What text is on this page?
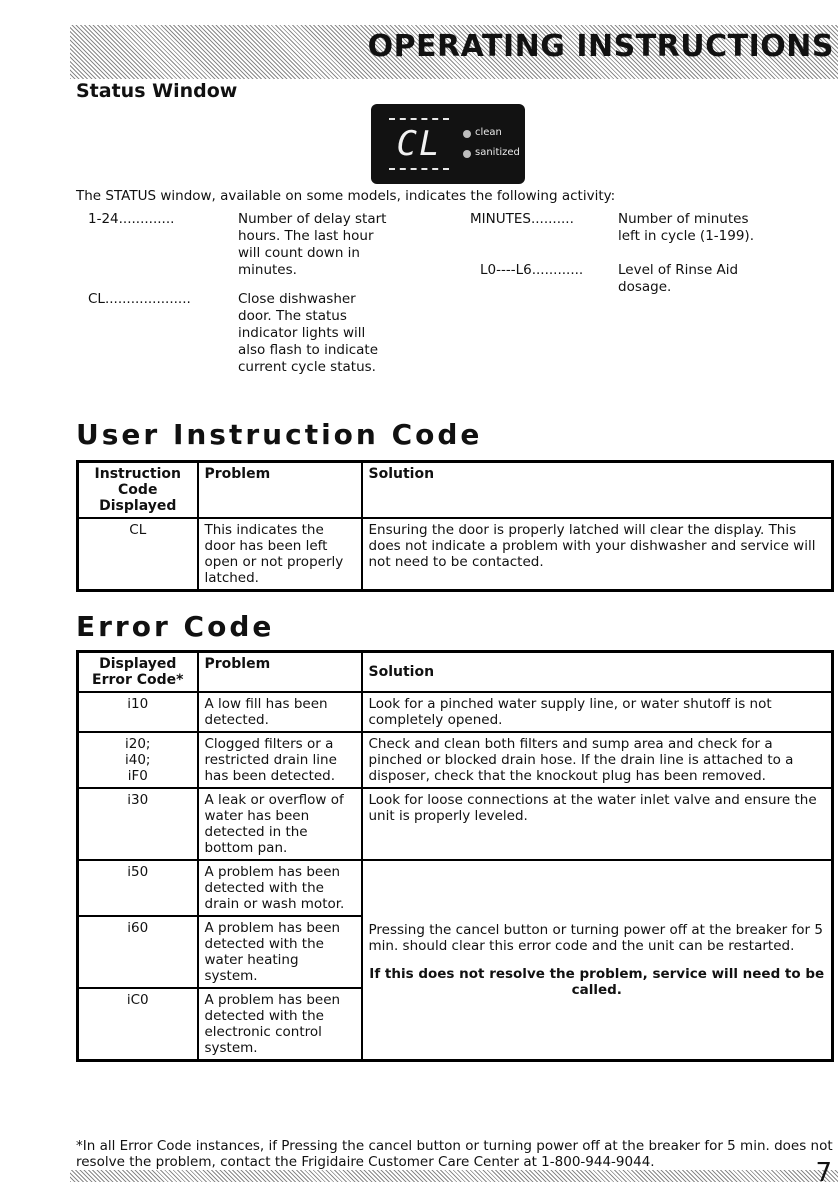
OPERATING INSTRUCTIONS
Status Window
CL	clean
sanitized
The STATUS window, available on some models, indicates the following activity:
1-24.............	Number of delay start
hours. The last hour
will count down in
minutes.
CL....................	Close dishwasher
door. The status
indicator lights will
also flash to indicate
current cycle status.
MINUTES..........	Number of minutes
left in cycle (1-199).
L0----L6............	Level of Rinse Aid
dosage.
User Instruction Code
Instruction Code Displayed	Problem	Solution
CL	This indicates the door has been left open or not properly latched.	Ensuring the door is properly latched will clear the display. This does not indicate a problem with your dishwasher and service will not need to be contacted.
Error Code
Displayed Error Code*	Problem	Solution
i10	A low fill has been detected.	Look for a pinched water supply line, or water shutoff is not completely opened.
i20;
i40;
iF0	Clogged filters or a restricted drain line has been detected.	Check and clean both filters and sump area and check for a pinched or blocked drain hose. If the drain line is attached to a disposer, check that the knockout plug has been removed.
i30	A leak or overflow of water has been detected in the bottom pan.	Look for loose connections at the water inlet valve and ensure the unit is properly leveled.
i50	A problem has been detected with the drain or wash motor.	Pressing the cancel button or turning power off at the breaker for 5 min. should clear this error code and the unit can be restarted.
If this does not resolve the problem, service will need to be called.

i60	A problem has been detected with the water heating system.	
iC0	A problem has been detected with the electronic control system.	
*In all Error Code instances, if Pressing the cancel button or turning power off at the breaker for 5 min. does not resolve the problem, contact the Frigidaire Customer Care Center at 1-800-944-9044.	7
